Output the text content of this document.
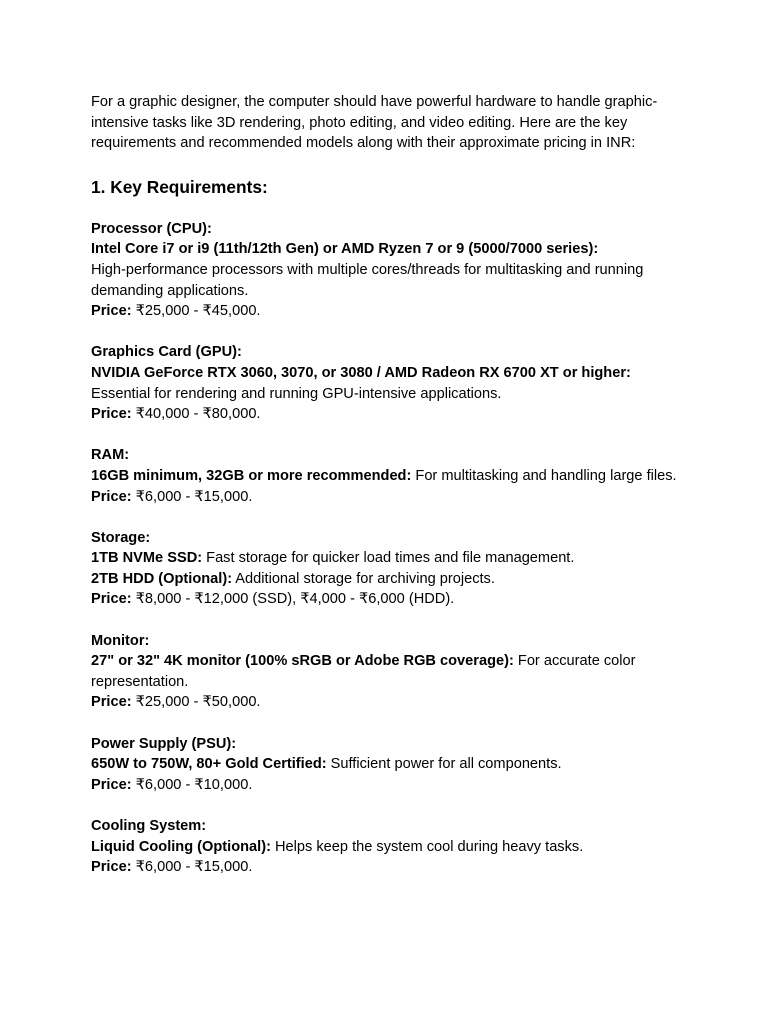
For a graphic designer, the computer should have powerful hardware to handle graphic-intensive tasks like 3D rendering, photo editing, and video editing. Here are the key requirements and recommended models along with their approximate pricing in INR:

1. Key Requirements:
Processor (CPU):
Intel Core i7 or i9 (11th/12th Gen) or AMD Ryzen 7 or 9 (5000/7000 series):
High-performance processors with multiple cores/threads for multitasking and running demanding applications.
Price: ₹25,000 - ₹45,000.
Graphics Card (GPU):
NVIDIA GeForce RTX 3060, 3070, or 3080 / AMD Radeon RX 6700 XT or higher:
Essential for rendering and running GPU-intensive applications.
Price: ₹40,000 - ₹80,000.
RAM:
16GB minimum, 32GB or more recommended: For multitasking and handling large files.
Price: ₹6,000 - ₹15,000.
Storage:
1TB NVMe SSD: Fast storage for quicker load times and file management.
2TB HDD (Optional): Additional storage for archiving projects.
Price: ₹8,000 - ₹12,000 (SSD), ₹4,000 - ₹6,000 (HDD).
Monitor:
27" or 32" 4K monitor (100% sRGB or Adobe RGB coverage): For accurate color representation.
Price: ₹25,000 - ₹50,000.
Power Supply (PSU):
650W to 750W, 80+ Gold Certified: Sufficient power for all components.
Price: ₹6,000 - ₹10,000.
Cooling System:
Liquid Cooling (Optional): Helps keep the system cool during heavy tasks.
Price: ₹6,000 - ₹15,000.
